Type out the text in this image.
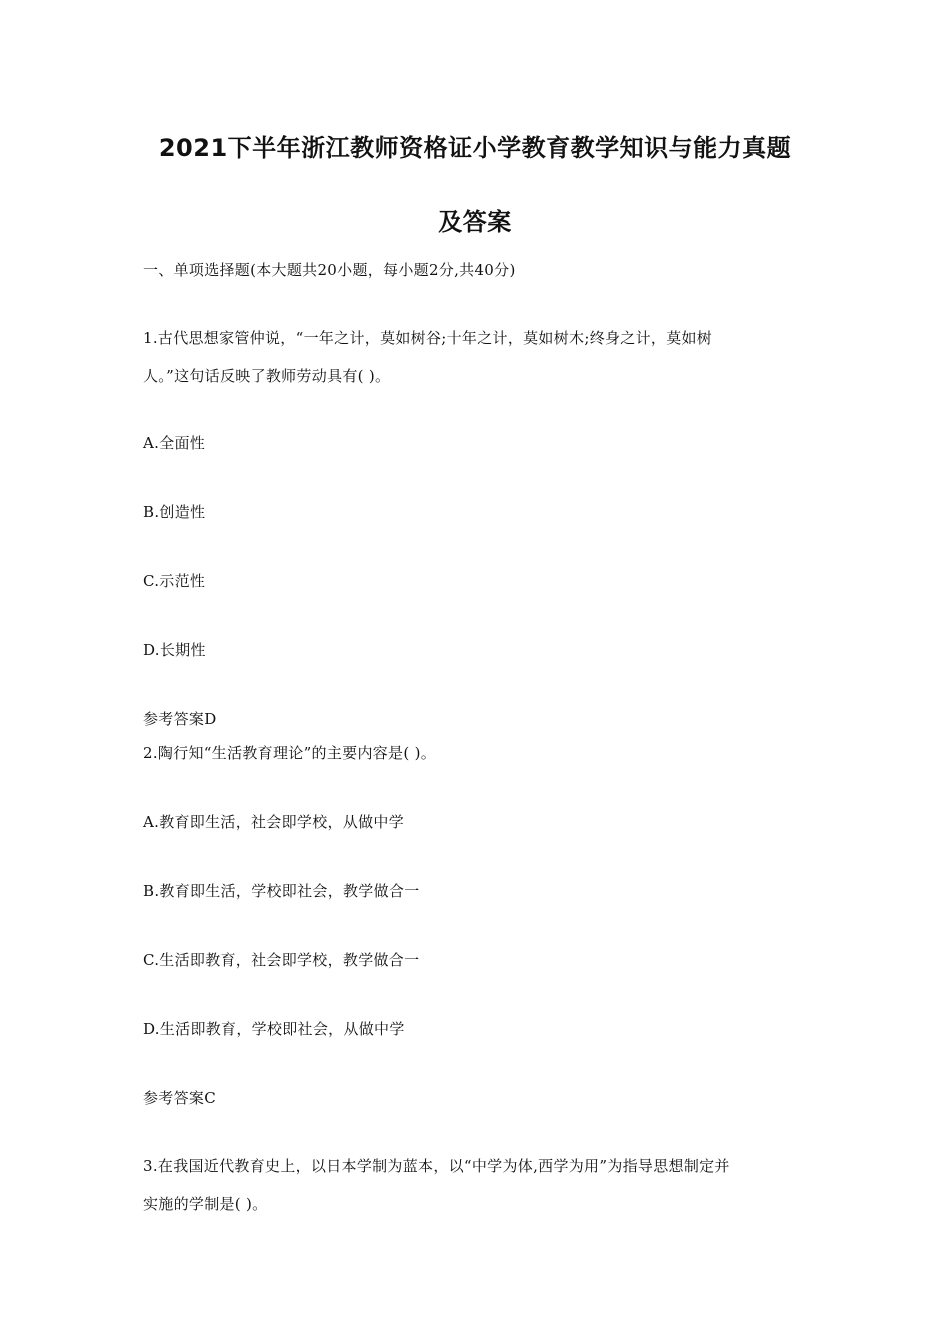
2021下半年浙江教师资格证小学教育教学知识与能力真题
及答案
一、单项选择题(本大题共20小题，每小题2分,共40分)
1.古代思想家管仲说，“一年之计，莫如树谷;十年之计，莫如树木;终身之计，莫如树
人。”这句话反映了教师劳动具有( )。
A.全面性
B.创造性
C.示范性
D.长期性
参考答案D
2.陶行知“生活教育理论”的主要内容是( )。
A.教育即生活，社会即学校，从做中学
B.教育即生活，学校即社会，教学做合一
C.生活即教育，社会即学校，教学做合一
D.生活即教育，学校即社会，从做中学
参考答案C
3.在我国近代教育史上，以日本学制为蓝本，以“中学为体,西学为用”为指导思想制定并
实施的学制是( )。
